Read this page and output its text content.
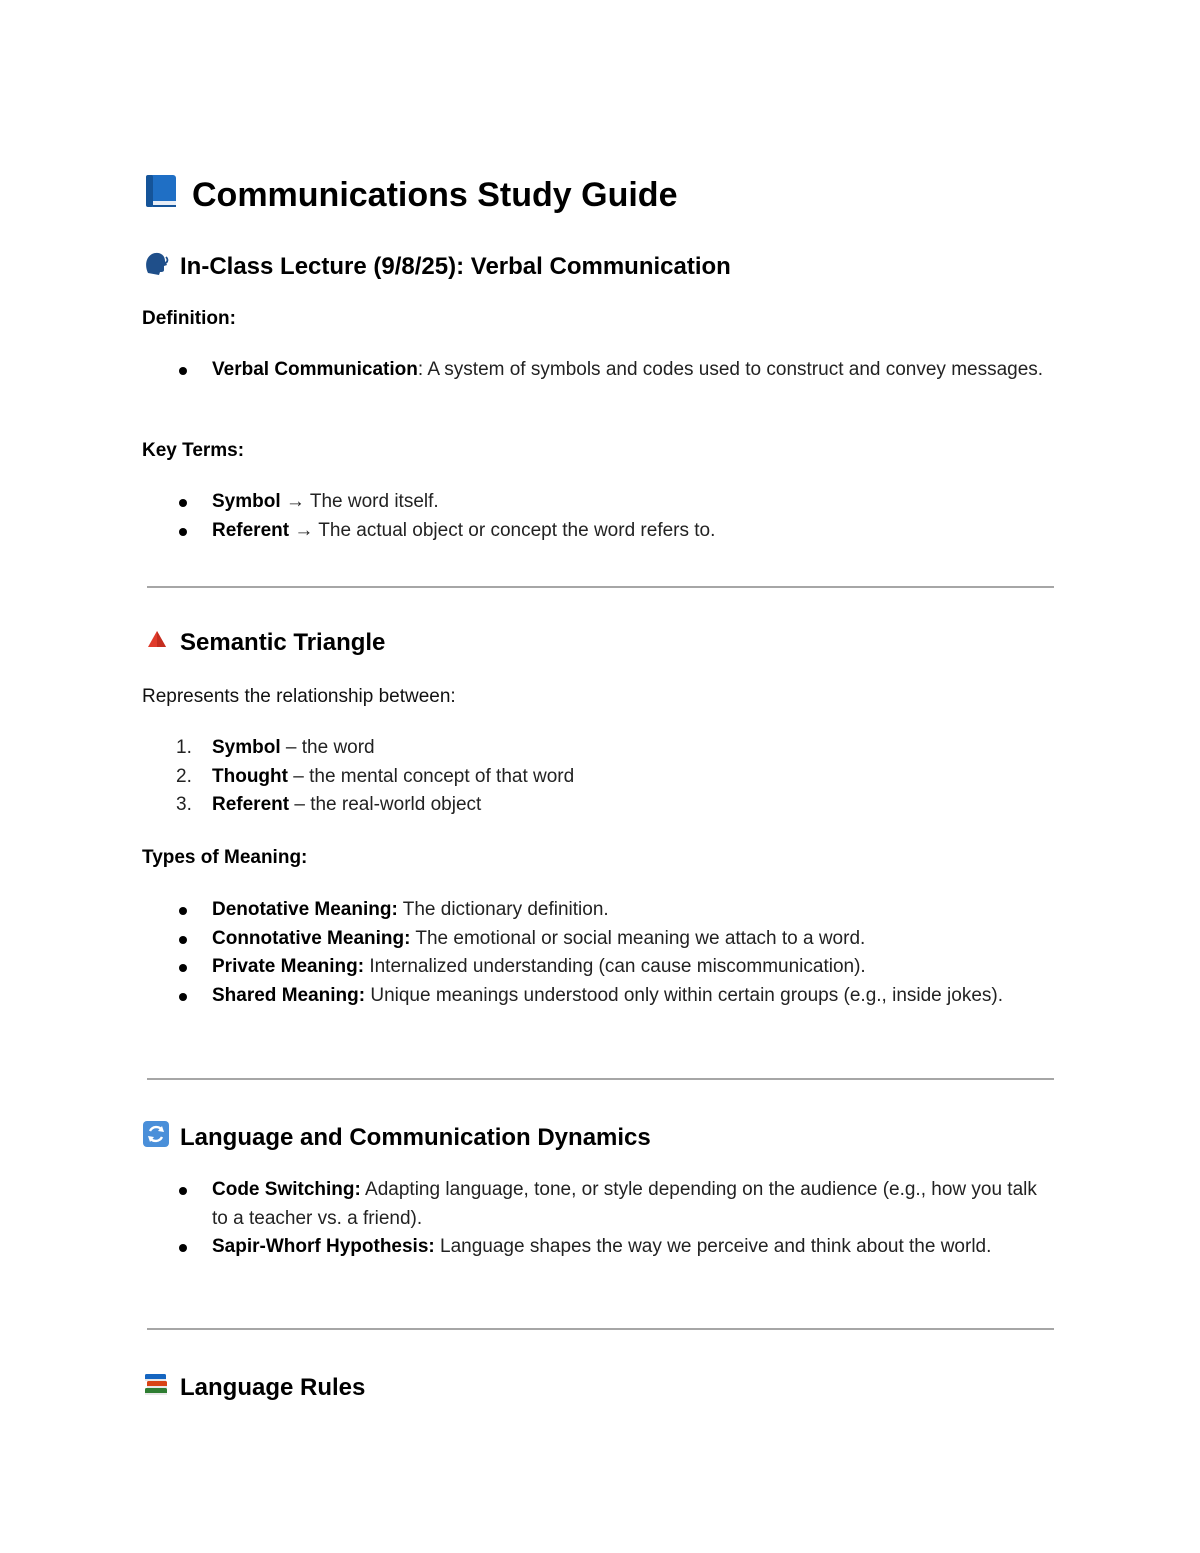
Communications Study Guide
In-Class Lecture (9/8/25): Verbal Communication
Definition:
Verbal Communication: A system of symbols and codes used to construct and convey messages.
Key Terms:
Symbol → The word itself.
Referent → The actual object or concept the word refers to.
Semantic Triangle
Represents the relationship between:
1. Symbol – the word
2. Thought – the mental concept of that word
3. Referent – the real-world object
Types of Meaning:
Denotative Meaning: The dictionary definition.
Connotative Meaning: The emotional or social meaning we attach to a word.
Private Meaning: Internalized understanding (can cause miscommunication).
Shared Meaning: Unique meanings understood only within certain groups (e.g., inside jokes).
Language and Communication Dynamics
Code Switching: Adapting language, tone, or style depending on the audience (e.g., how you talk to a teacher vs. a friend).
Sapir-Whorf Hypothesis: Language shapes the way we perceive and think about the world.
Language Rules
